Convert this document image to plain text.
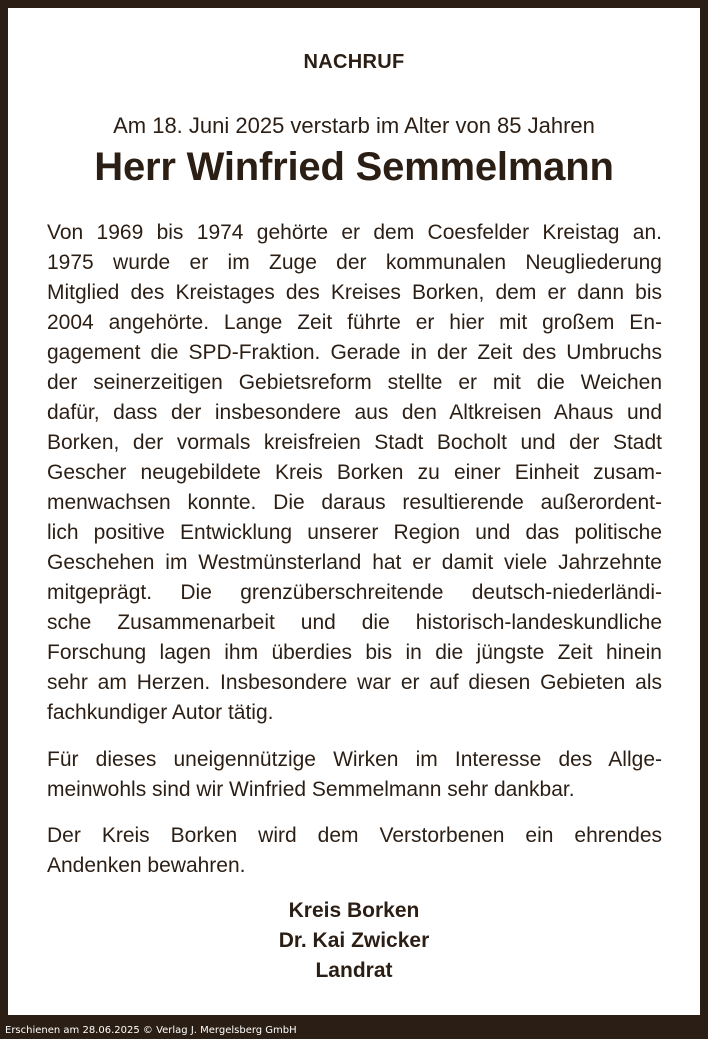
NACHRUF
Am 18. Juni 2025 verstarb im Alter von 85 Jahren
Herr Winfried Semmelmann
Von 1969 bis 1974 gehörte er dem Coesfelder Kreistag an.
1975 wurde er im Zuge der kommunalen Neugliederung
Mitglied des Kreistages des Kreises Borken, dem er dann bis
2004 angehörte. Lange Zeit führte er hier mit großem En-
gagement die SPD-Fraktion. Gerade in der Zeit des Umbruchs
der seinerzeitigen Gebietsreform stellte er mit die Weichen
dafür, dass der insbesondere aus den Altkreisen Ahaus und
Borken, der vormals kreisfreien Stadt Bocholt und der Stadt
Gescher neugebildete Kreis Borken zu einer Einheit zusam-
menwachsen konnte. Die daraus resultierende außerordent-
lich positive Entwicklung unserer Region und das politische
Geschehen im Westmünsterland hat er damit viele Jahrzehnte
mitgeprägt. Die grenzüberschreitende deutsch-niederländi-
sche Zusammenarbeit und die historisch-landeskundliche
Forschung lagen ihm überdies bis in die jüngste Zeit hinein
sehr am Herzen. Insbesondere war er auf diesen Gebieten als
fachkundiger Autor tätig.
Für dieses uneigennützige Wirken im Interesse des Allge-
meinwohls sind wir Winfried Semmelmann sehr dankbar.
Der Kreis Borken wird dem Verstorbenen ein ehrendes
Andenken bewahren.
Kreis Borken
Dr. Kai Zwicker
Landrat
Erschienen am 28.06.2025 © Verlag J. Mergelsberg GmbH
